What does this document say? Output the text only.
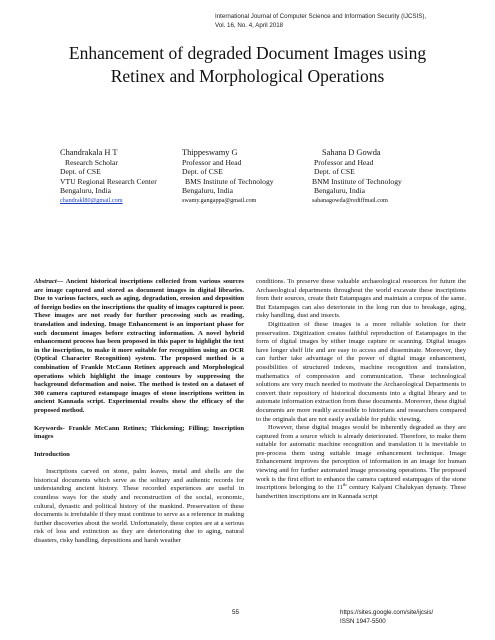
International Journal of Computer Science and Information Security (IJCSIS),
Vol. 16, No. 4, April 2018
Enhancement of degraded Document Images using
Retinex and Morphological Operations
Chandrakala H T
Research Scholar
Dept. of CSE
VTU Regional Research Center
Bengaluru, India
chandrakl80@gmail.com
Thippeswamy G
Professor and Head
Dept. of CSE
BMS Institute of Technology
Bengaluru, India
swamy.gangappa@gmail.com
Sahana D Gowda
Professor and Head
Dept. of CSE
BNM Institute of Technology
Bengaluru, India
sahanagowda@rediffmail.com

Abstract— Ancient historical inscriptions collected from various sources are image captured and stored as document images in digital libraries. Due to various factors, such as aging, degradation, erosion and deposition of foreign bodies on the inscriptions the quality of images captured is poor. These images are not ready for further processing such as reading, translation and indexing. Image Enhancement is an important phase for such document images before extracting information. A novel hybrid enhancement process has been proposed in this paper to highlight the text in the inscription, to make it more suitable for recognition using an OCR (Optical Character Recognition) system. The proposed method is a combination of Frankle McCann Retinex approach and Morphological operations which highlight the image contours by suppressing the background deformation and noise. The method is tested on a dataset of 300 camera captured estampage images of stone inscriptions written in ancient Kannada script. Experimental results show the efficacy of the proposed method.

Keywords- Frankle McCann Retinex; Thickening; Filling; Inscription images

Introduction

Inscriptions carved on stone, palm leaves, metal and shells are the historical documents which serve as the solitary and authentic records for understanding ancient history. These recorded experiences are useful in countless ways for the study and reconstruction of the social, economic, cultural, dynastic and political history of the mankind. Preservation of these documents is irrefutable if they must continue to serve as a reference in making further discoveries about the world. Unfortunately, these copies are at a serious risk of loss and extinction as they are deteriorating due to aging, natural disasters, risky handling, depositions and harsh weather

conditions. To preserve these valuable archaeological resources for future the Archaeological departments throughout the world excavate these inscriptions from their sources, create their Estampages and maintain a corpus of the same. But Estampages can also deteriorate in the long run due to breakage, aging, risky handling, dust and insects.

Digitization of these images is a more reliable solution for their preservation. Digitization creates faithful reproduction of Estampages in the form of digital images by either image capture or scanning. Digital images have longer shelf life and are easy to access and disseminate. Moreover, they can further take advantage of the power of digital image enhancement, possibilities of structured indexes, machine recognition and translation, mathematics of compression and communication. These technological solutions are very much needed to motivate the Archaeological Departments to convert their repository of historical documents into a digital library and to automate information extraction from these documents. Moreover, these digital documents are more readily accessible to historians and researchers compared to the originals that are not easily available for public viewing.

However, these digital images would be inherently degraded as they are captured from a source which is already deteriorated. Therefore, to make them suitable for automatic machine recognition and translation it is inevitable to pre-process them using suitable image enhancement technique. Image Enhancement improves the perception of information in an image for human viewing and for further automated image processing operations. The proposed work is the first effort to enhance the camera captured estampages of the stone inscriptions belonging to the 11th century Kalyani Chalukyan dynasty. These handwritten inscriptions are in Kannada script

55	https://sites.google.com/site/ijcsis/
ISSN 1947-5500
